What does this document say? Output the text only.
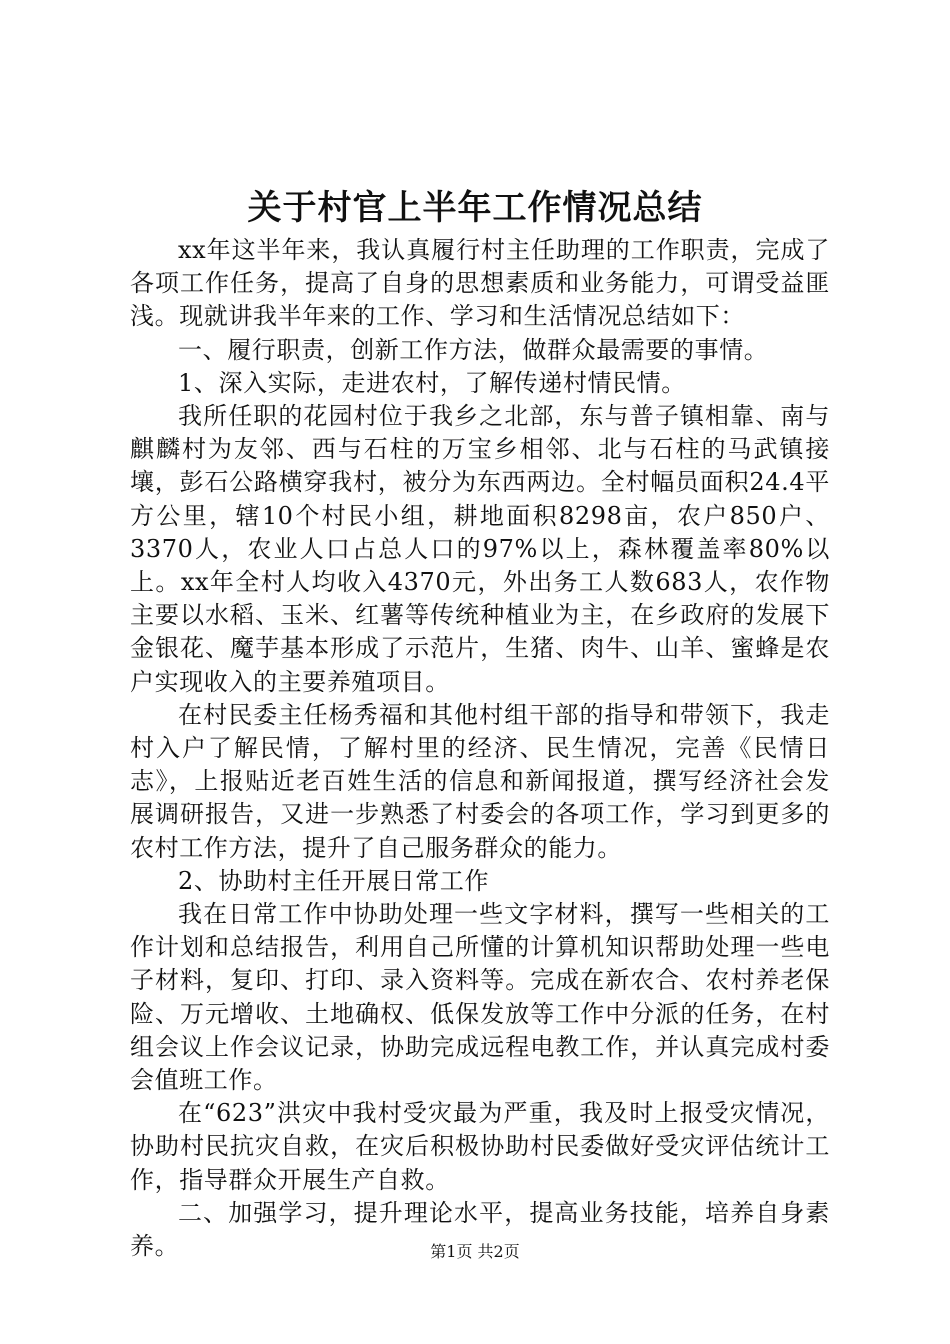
关于村官上半年工作情况总结

xx年这半年来，我认真履行村主任助理的工作职责，完成了各项工作任务，提高了自身的思想素质和业务能力，可谓受益匪浅。现就讲我半年来的工作、学习和生活情况总结如下：

一、履行职责，创新工作方法，做群众最需要的事情。

1、深入实际，走进农村，了解传递村情民情。

我所任职的花园村位于我乡之北部，东与普子镇相靠、南与麒麟村为友邻、西与石柱的万宝乡相邻、北与石柱的马武镇接壤，彭石公路横穿我村，被分为东西两边。全村幅员面积24.4平方公里，辖10个村民小组，耕地面积8298亩，农户850户、3370人，农业人口占总人口的97%以上，森林覆盖率80%以上。xx年全村人均收入4370元，外出务工人数683人，农作物主要以水稻、玉米、红薯等传统种植业为主，在乡政府的发展下金银花、魔芋基本形成了示范片，生猪、肉牛、山羊、蜜蜂是农户实现收入的主要养殖项目。

在村民委主任杨秀福和其他村组干部的指导和带领下，我走村入户了解民情，了解村里的经济、民生情况，完善《民情日志》，上报贴近老百姓生活的信息和新闻报道，撰写经济社会发展调研报告，又进一步熟悉了村委会的各项工作，学习到更多的农村工作方法，提升了自己服务群众的能力。

2、协助村主任开展日常工作

我在日常工作中协助处理一些文字材料，撰写一些相关的工作计划和总结报告，利用自己所懂的计算机知识帮助处理一些电子材料，复印、打印、录入资料等。完成在新农合、农村养老保险、万元增收、土地确权、低保发放等工作中分派的任务，在村组会议上作会议记录，协助完成远程电教工作，并认真完成村委会值班工作。

在“623”洪灾中我村受灾最为严重，我及时上报受灾情况，协助村民抗灾自救，在灾后积极协助村民委做好受灾评估统计工作，指导群众开展生产自救。

二、加强学习，提升理论水平，提高业务技能，培养自身素养。	第1页 共2页
